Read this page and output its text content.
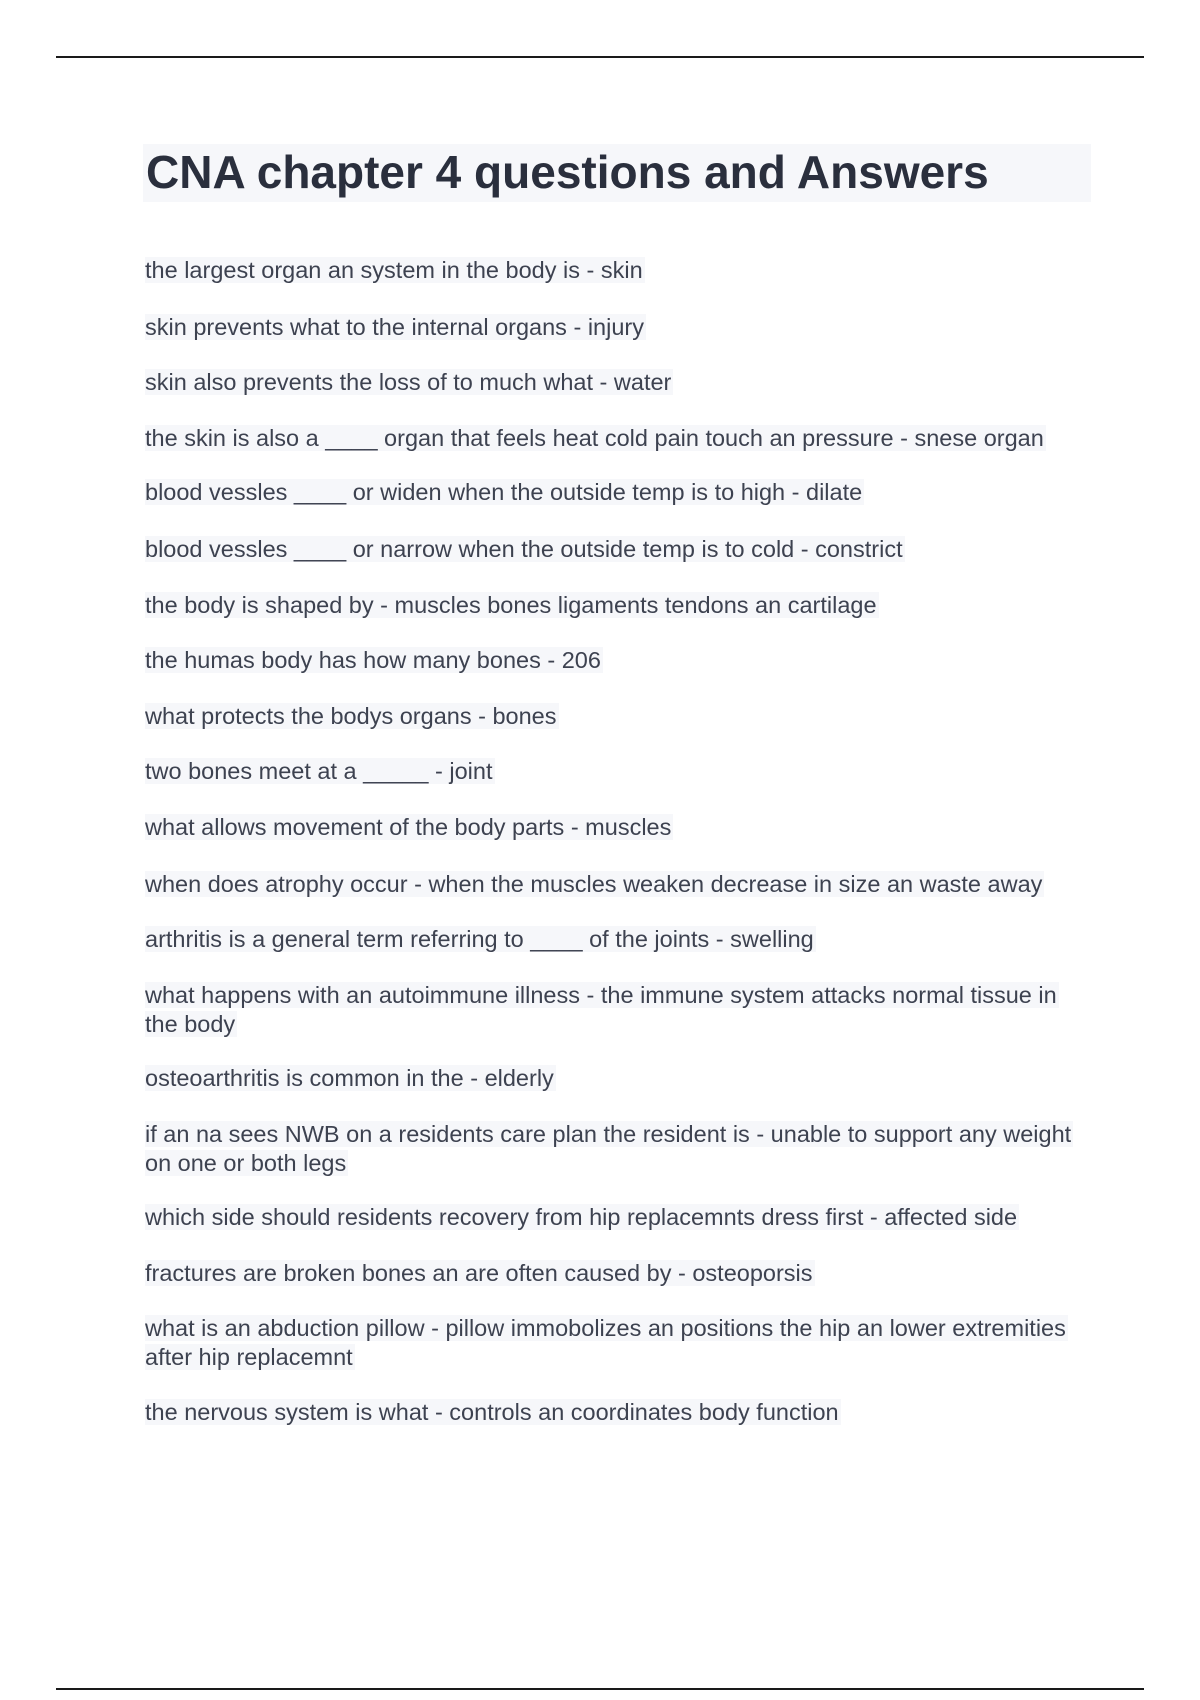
CNA chapter 4 questions and Answers
the largest organ an system in the body is - skin
skin prevents what to the internal organs - injury
skin also prevents the loss of to much what - water
the skin is also a ____ organ that feels heat cold pain touch an pressure - snese organ
blood vessles ____ or widen when the outside temp is to high - dilate
blood vessles ____ or narrow when the outside temp is to cold - constrict
the body is shaped by - muscles bones ligaments tendons an cartilage
the humas body has how many bones - 206
what protects the bodys organs - bones
two bones meet at a _____ - joint
what allows movement of the body parts - muscles
when does atrophy occur - when the muscles weaken decrease in size an waste away
arthritis is a general term referring to ____ of the joints - swelling
what happens with an autoimmune illness - the immune system attacks normal tissue in the body
osteoarthritis is common in the - elderly
if an na sees NWB on a residents care plan the resident is - unable to support any weight on one or both legs
which side should residents recovery from hip replacemnts dress first - affected side
fractures are broken bones an are often caused by - osteoporsis
what is an abduction pillow - pillow immobolizes an positions the hip an lower extremities after hip replacemnt
the nervous system is what - controls an coordinates body function
